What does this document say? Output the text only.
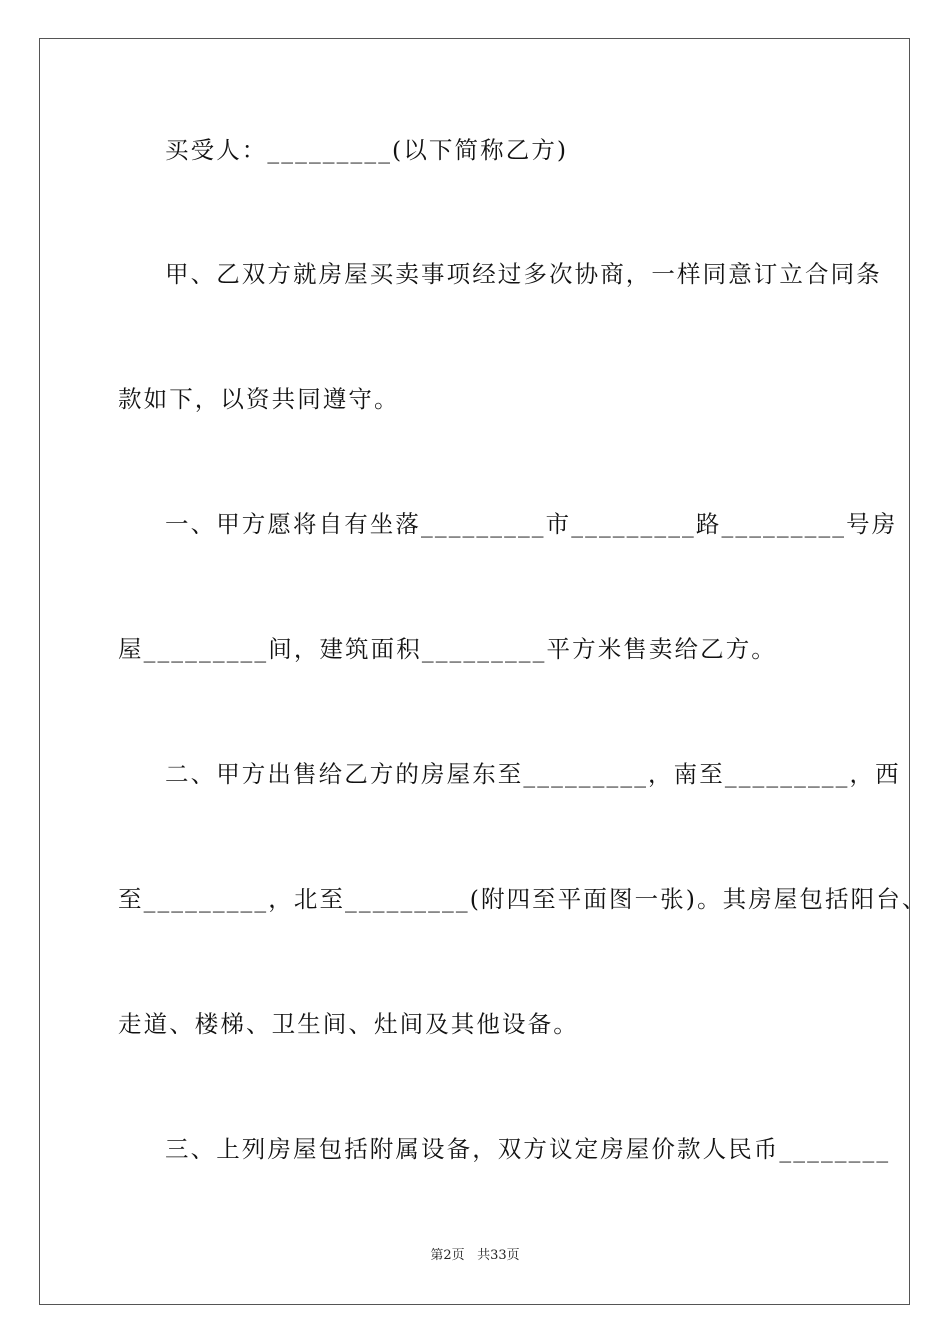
买受人：_________(以下简称乙方)
甲、乙双方就房屋买卖事项经过多次协商，一样同意订立合同条
款如下，以资共同遵守。
一、甲方愿将自有坐落_________市_________路_________号房
屋_________间，建筑面积_________平方米售卖给乙方。
二、甲方出售给乙方的房屋东至_________，南至_________，西
至_________，北至_________(附四至平面图一张)。其房屋包括阳台、
走道、楼梯、卫生间、灶间及其他设备。
三、上列房屋包括附属设备，双方议定房屋价款人民币________
第2页 共33页
